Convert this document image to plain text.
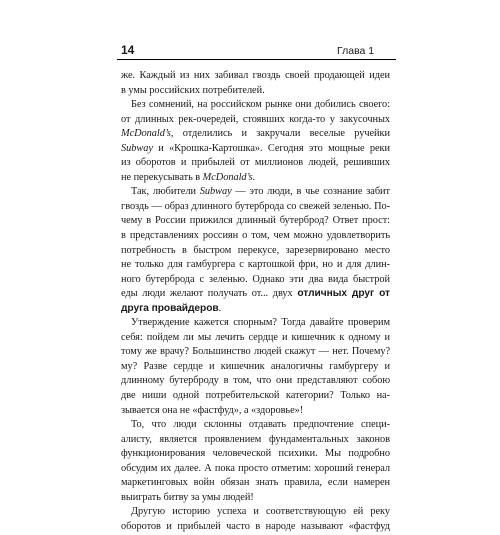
14	Глава 1
же. Каждый из них забивал гвоздь своей продающей идеи
в умы российских потребителей.
Без сомнений, на российском рынке они добились своего:
от длинных рек-очередей, стоявших когда-то у закусочных
McDonald’s, отделились и закручали веселые ручейки
Subway и «Крошка-Картошка». Сегодня это мощные реки
из оборотов и прибылей от миллионов людей, решивших
не перекусывать в McDonald’s.
Так, любители Subway — это люди, в чье сознание забит
гвоздь — образ длинного бутерброда со свежей зеленью. По-
чему в России прижился длинный бутерброд? Ответ прост:
в представлениях россиян о том, чем можно удовлетворить
потребность в быстром перекусе, зарезервировано место
не только для гамбургера с картошкой фри, но и для длин-
ного бутерброда с зеленью. Однако эти два вида быстрой
еды люди желают получать от... двух отличных друг от
друга провайдеров.
Утверждение кажется спорным? Тогда давайте проверим
себя: пойдем ли мы лечить сердце и кишечник к одному и
тому же врачу? Большинство людей скажут — нет. Почему?
му? Разве сердце и кишечник аналогичны гамбургеру и
длинному бутерброду в том, что они представляют собою
две ниши одной потребительской категории? Только на-
зывается она не «фастфуд», а «здоровье»!
То, что люди склонны отдавать предпочтение специ-
алисту, является проявлением фундаментальных законов
функционирования человеческой психики. Мы подробно
обсудим их далее. А пока просто отметим: хороший генерал
маркетинговых войн обязан знать правила, если намерен
выиграть битву за умы людей!
Другую историю успеха и соответствующую ей реку
оборотов и прибылей часто в народе называют «фастфуд
